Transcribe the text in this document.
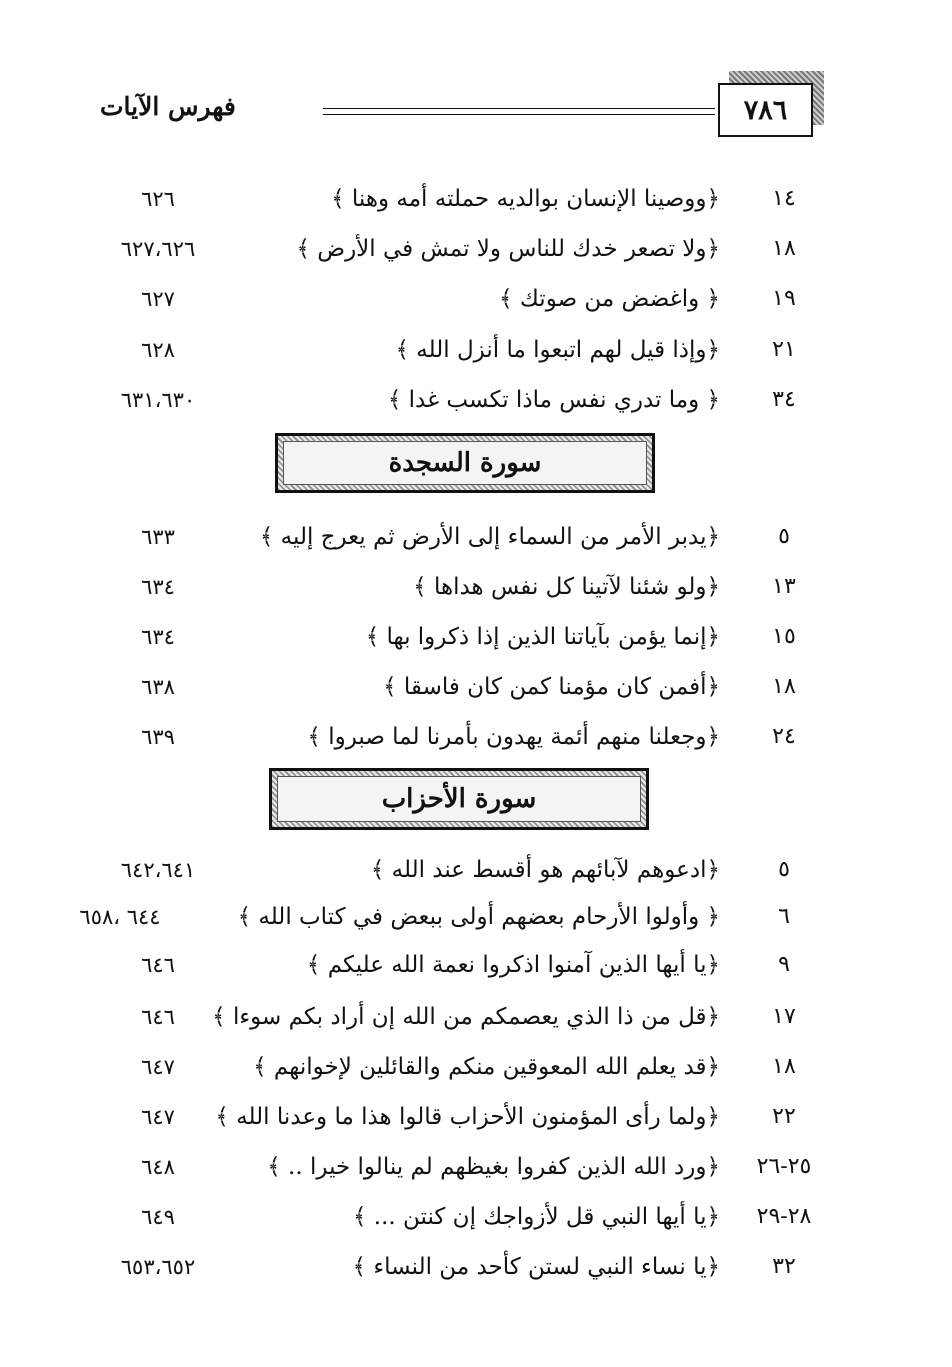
فهرس الآيات	٧٨٦
١٤
﴿ووصينا الإنسان بوالديه حملته أمه وهنا ﴾
٦٢٦
١٨
﴿ولا تصعر خدك للناس ولا تمش في الأرض ﴾
٦٢٧،٦٢٦
١٩
﴿ واغضض من صوتك ﴾
٦٢٧
٢١
﴿وإذا قيل لهم اتبعوا ما أنزل الله ﴾
٦٢٨
٣٤
﴿ وما تدري نفس ماذا تكسب غدا ﴾
٦٣١،٦٣٠
سورة السجدة
٥
﴿يدبر الأمر من السماء إلى الأرض ثم يعرج إليه ﴾
٦٣٣
١٣
﴿ولو شئنا لآتينا كل نفس هداها ﴾
٦٣٤
١٥
﴿إنما يؤمن بآياتنا الذين إذا ذكروا بها ﴾
٦٣٤
١٨
﴿أفمن كان مؤمنا كمن كان فاسقا ﴾
٦٣٨
٢٤
﴿وجعلنا منهم أئمة يهدون بأمرنا لما صبروا ﴾
٦٣٩
سورة الأحزاب
٥
﴿ادعوهم لآبائهم هو أقسط عند الله ﴾
٦٤٢،٦٤١
٦
﴿ وأولوا الأرحام بعضهم أولى ببعض في كتاب الله ﴾
٦٤٤ ،٦٥٨
٩
﴿يا أيها الذين آمنوا اذكروا نعمة الله عليكم ﴾
٦٤٦
١٧
﴿قل من ذا الذي يعصمكم من الله إن أراد بكم سوءا ﴾
٦٤٦
١٨
﴿قد يعلم الله المعوقين منكم والقائلين لإخوانهم ﴾
٦٤٧
٢٢
﴿ولما رأى المؤمنون الأحزاب قالوا هذا ما وعدنا الله ﴾
٦٤٧
٢٥-٢٦
﴿ورد الله الذين كفروا بغيظهم لم ينالوا خيرا .. ﴾
٦٤٨
٢٨-٢٩
﴿يا أيها النبي قل لأزواجك إن كنتن ... ﴾
٦٤٩
٣٢
﴿يا نساء النبي لستن كأحد من النساء ﴾
٦٥٣،٦٥٢
